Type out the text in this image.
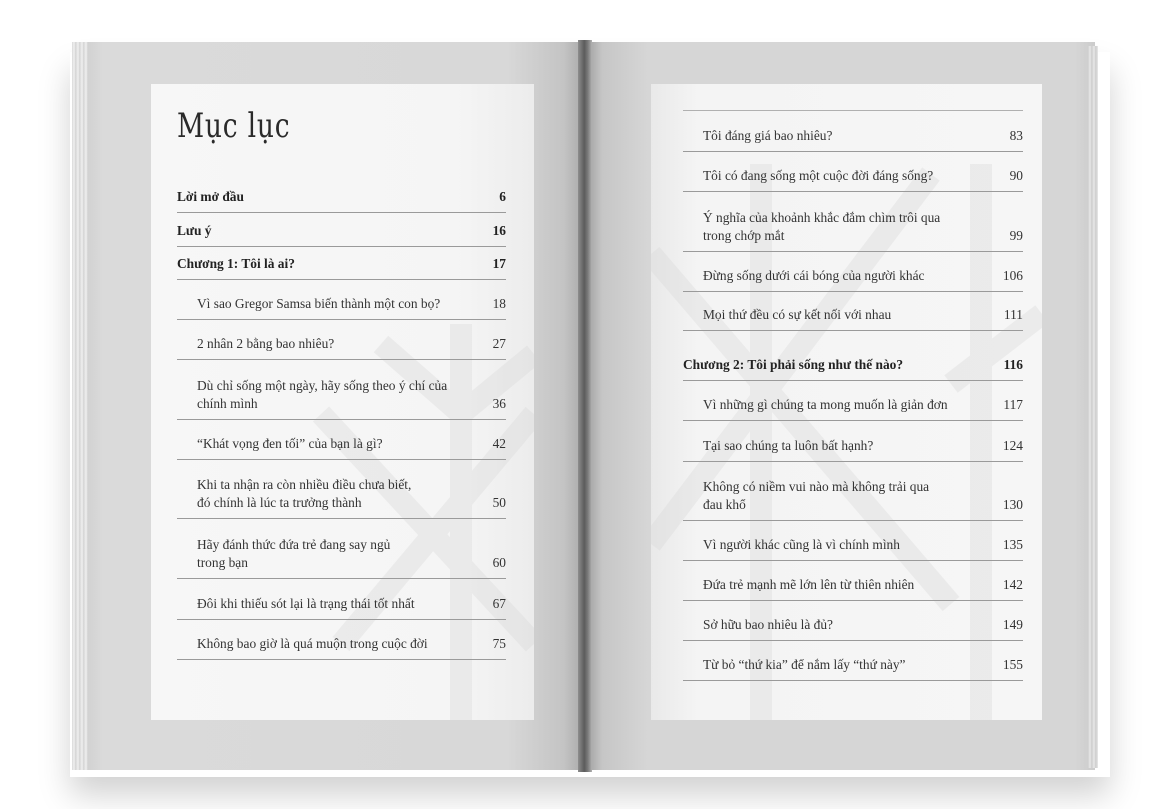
Mục lục
Lời mở đầu	6
Lưu ý	16
Chương 1: Tôi là ai?	17
Vì sao Gregor Samsa biến thành một con bọ?	18
2 nhân 2 bằng bao nhiêu?	27
Dù chỉ sống một ngày, hãy sống theo ý chí của
chính mình	36
“Khát vọng đen tối” của bạn là gì?	42
Khi ta nhận ra còn nhiều điều chưa biết,
đó chính là lúc ta trưởng thành	50
Hãy đánh thức đứa trẻ đang say ngủ
trong bạn	60
Đôi khi thiếu sót lại là trạng thái tốt nhất	67
Không bao giờ là quá muộn trong cuộc đời	75
Tôi đáng giá bao nhiêu?	83
Tôi có đang sống một cuộc đời đáng sống?	90
Ý nghĩa của khoảnh khắc đắm chìm trôi qua
trong chớp mắt	99
Đừng sống dưới cái bóng của người khác	106
Mọi thứ đều có sự kết nối với nhau	111
Chương 2: Tôi phải sống như thế nào?	116
Vì những gì chúng ta mong muốn là giản đơn	117
Tại sao chúng ta luôn bất hạnh?	124
Không có niềm vui nào mà không trải qua
đau khổ	130
Vì người khác cũng là vì chính mình	135
Đứa trẻ mạnh mẽ lớn lên từ thiên nhiên	142
Sở hữu bao nhiêu là đủ?	149
Từ bỏ “thứ kia” để nắm lấy “thứ này”	155
